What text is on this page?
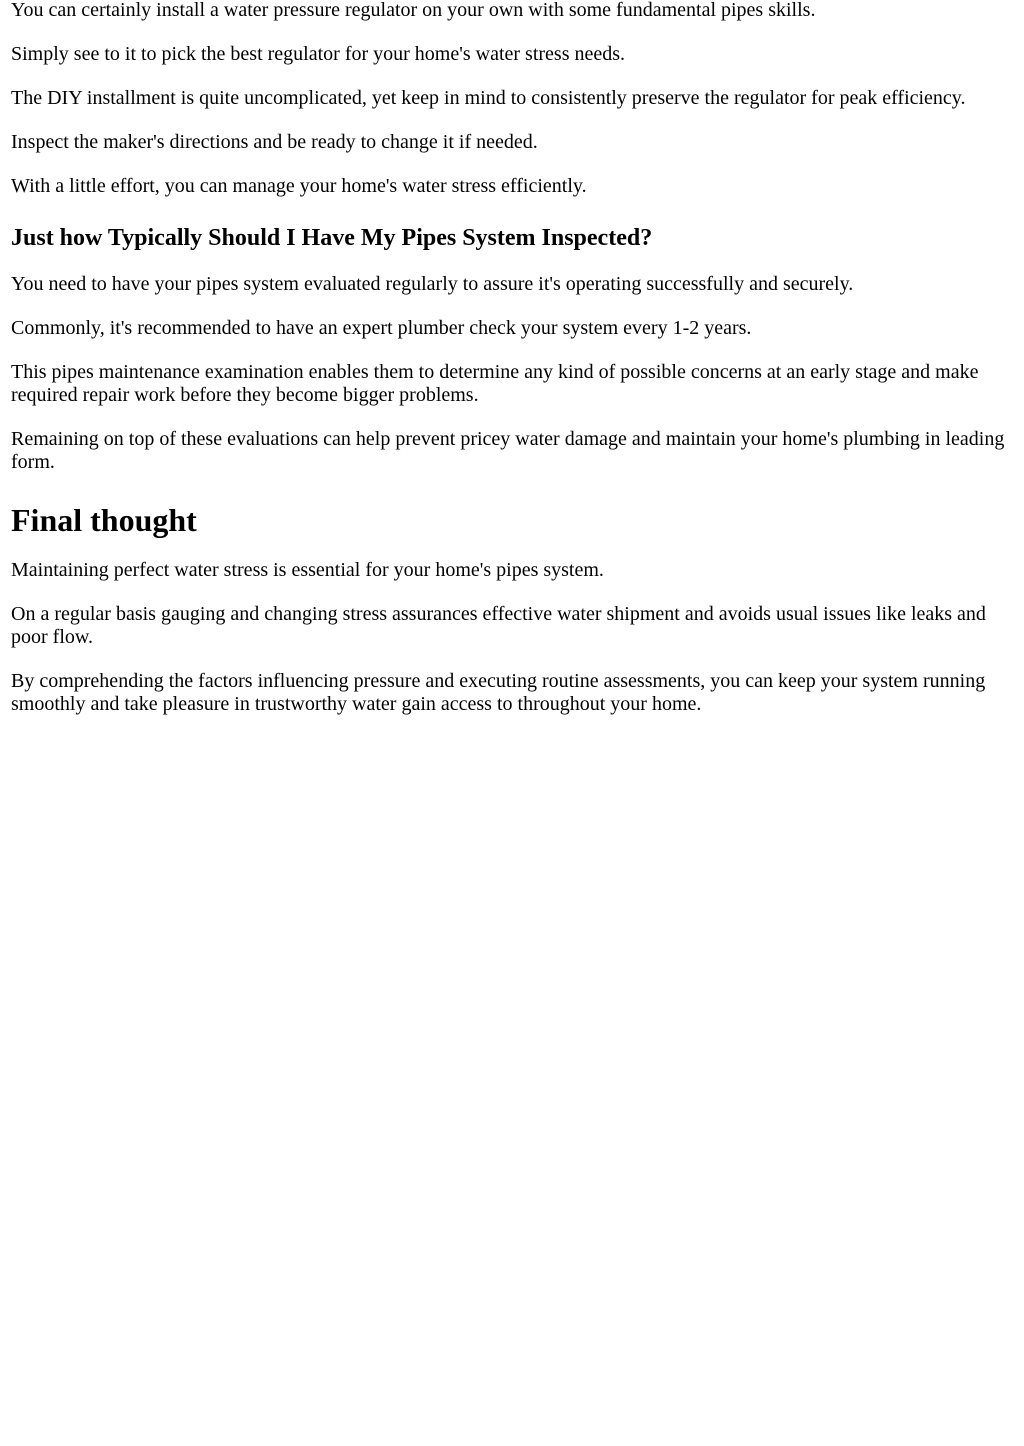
You can certainly install a water pressure regulator on your own with some fundamental pipes skills.

Simply see to it to pick the best regulator for your home's water stress needs.

The DIY installment is quite uncomplicated, yet keep in mind to consistently preserve the regulator for peak efficiency.

Inspect the maker's directions and be ready to change it if needed.

With a little effort, you can manage your home's water stress efficiently.

Just how Typically Should I Have My Pipes System Inspected?

You need to have your pipes system evaluated regularly to assure it's operating successfully and securely.

Commonly, it's recommended to have an expert plumber check your system every 1-2 years.

This pipes maintenance examination enables them to determine any kind of possible concerns at an early stage and make required repair work before they become bigger problems.

Remaining on top of these evaluations can help prevent pricey water damage and maintain your home's plumbing in leading form.

Final thought

Maintaining perfect water stress is essential for your home's pipes system.

On a regular basis gauging and changing stress assurances effective water shipment and avoids usual issues like leaks and poor flow.

By comprehending the factors influencing pressure and executing routine assessments, you can keep your system running smoothly and take pleasure in trustworthy water gain access to throughout your home.
